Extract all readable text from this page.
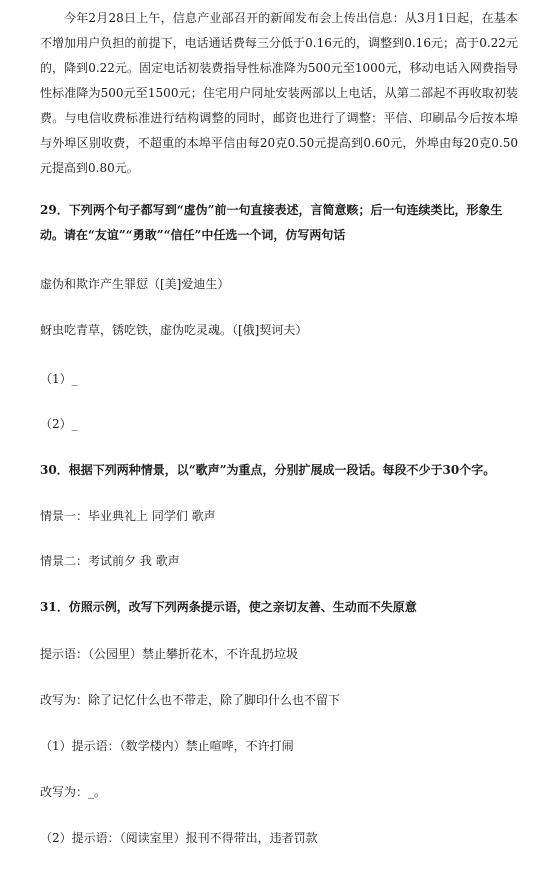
今年2月28日上午，信息产业部召开的新闻发布会上传出信息：从3月1日起，在基本不增加用户负担的前提下，电话通话费每三分低于0.16元的，调整到0.16元；高于0.22元的，降到0.22元。固定电话初装费指导性标准降为500元至1000元，移动电话入网费指导性标准降为500元至1500元；住宅用户同址安装两部以上电话，从第二部起不再收取初装费。与电信收费标准进行结构调整的同时，邮资也进行了调整：平信、印刷品今后按本埠与外埠区别收费，不超重的本埠平信由每20克0.50元提高到0.60元，外埠由每20克0.50元提高到0.80元。

29．下列两个句子都写到“虚伪”前一句直接表述，言简意赅；后一句连续类比，形象生动。请在“友谊”“勇敢”“信任”中任选一个词，仿写两句话

虚伪和欺诈产生罪愆（[美]爱迪生）

蚜虫吃青草，锈吃铁，虚伪吃灵魂。（[俄]契诃夫）

（1）_

（2）_

30．根据下列两种情景，以“歌声”为重点，分别扩展成一段话。每段不少于30个字。

情景一：毕业典礼上 同学们 歌声

情景二：考试前夕 我 歌声

31．仿照示例，改写下列两条提示语，使之亲切友善、生动而不失原意

提示语：（公园里）禁止攀折花木，不许乱扔垃圾

改写为：除了记忆什么也不带走，除了脚印什么也不留下

（1）提示语：（数学楼内）禁止喧哗，不许打闹

改写为：_。

（2）提示语：（阅读室里）报刊不得带出，违者罚款
